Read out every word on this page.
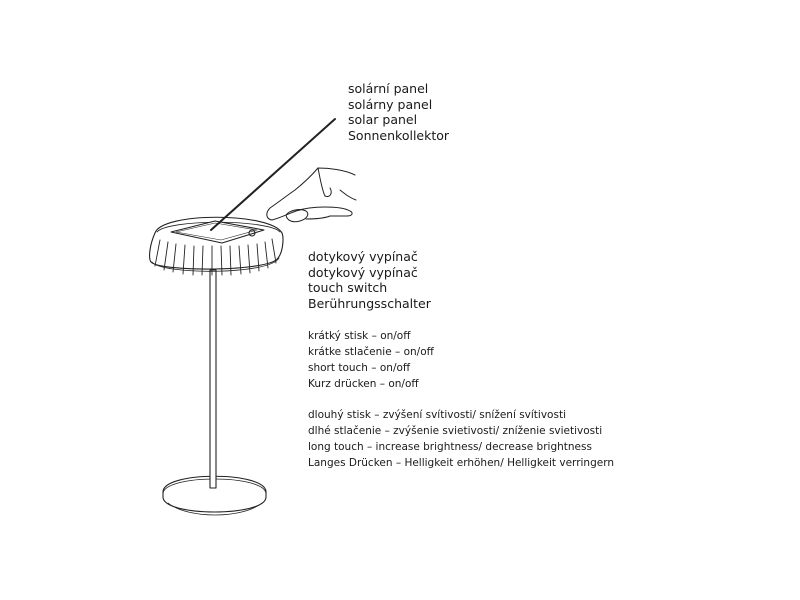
solární panel
solárny panel
solar panel
Sonnenkollektor
dotykový vypínač
dotykový vypínač
touch switch
Berührungsschalter
krátký stisk – on/off
krátke stlačenie – on/off
short touch – on/off
Kurz drücken – on/off
dlouhý stisk – zvýšení svítivosti/ snížení svítivosti
dlhé stlačenie – zvýšenie svietivosti/ zníženie svietivosti
long touch – increase brightness/ decrease brightness
Langes Drücken – Helligkeit erhöhen/ Helligkeit verringern
